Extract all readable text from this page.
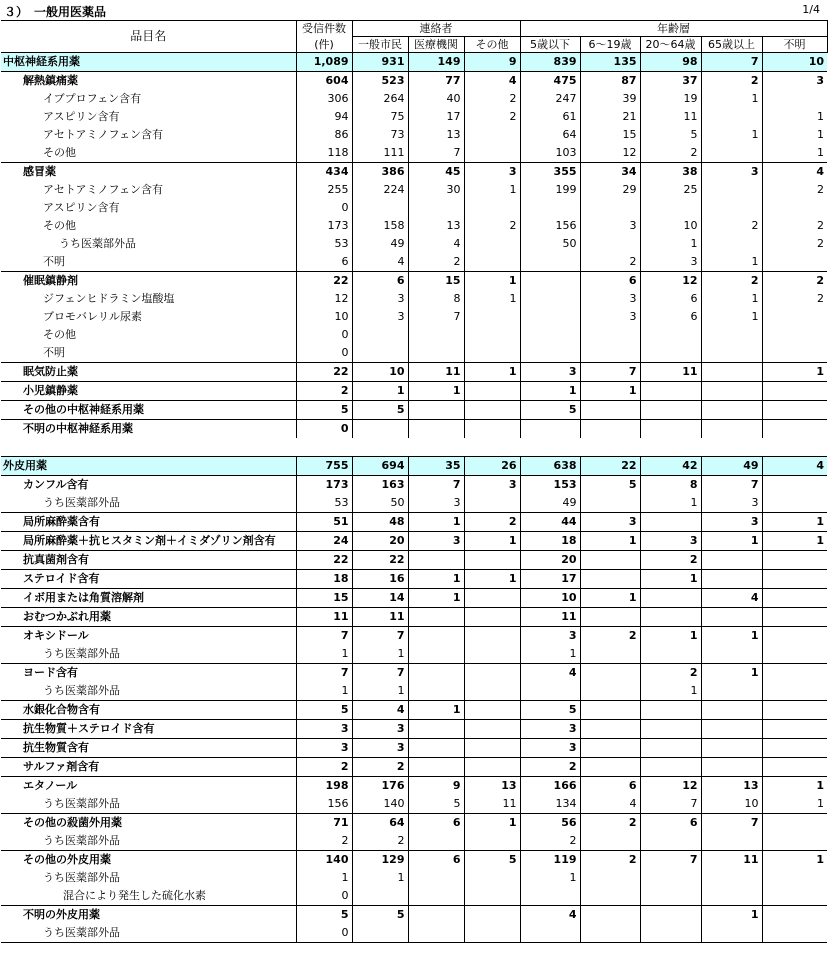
３）　一般用医薬品	1/4
品目名	受信件数	連絡者			年齢層				
	(件)	一般市民	医療機関	その他	5歳以下	6～19歳	20～64歳	65歳以上	不明
中枢神経系用薬	1,089	931	149	9	839	135	98	7	10
解熱鎮痛薬	604	523	77	4	475	87	37	2	3
イブプロフェン含有	306	264	40	2	247	39	19	1	
アスピリン含有	94	75	17	2	61	21	11		1
アセトアミノフェン含有	86	73	13		64	15	5	1	1
その他	118	111	7		103	12	2		1
感冒薬	434	386	45	3	355	34	38	3	4
アセトアミノフェン含有	255	224	30	1	199	29	25		2
アスピリン含有	0								
その他	173	158	13	2	156	3	10	2	2
うち医薬部外品	53	49	4		50		1		2
不明	6	4	2			2	3	1	
催眠鎮静剤	22	6	15	1		6	12	2	2
ジフェンヒドラミン塩酸塩	12	3	8	1		3	6	1	2
ブロモバレリル尿素	10	3	7			3	6	1	
その他	0								
不明	0								
眠気防止薬	22	10	11	1	3	7	11		1
小児鎮静薬	2	1	1		1	1			
その他の中枢神経系用薬	5	5			5				
不明の中枢神経系用薬	0								

外皮用薬	755	694	35	26	638	22	42	49	4
カンフル含有	173	163	7	3	153	5	8	7	
うち医薬部外品	53	50	3		49		1	3	
局所麻酔薬含有	51	48	1	2	44	3		3	1
局所麻酔薬＋抗ヒスタミン剤＋イミダゾリン剤含有	24	20	3	1	18	1	3	1	1
抗真菌剤含有	22	22			20		2		
ステロイド含有	18	16	1	1	17		1		
イボ用または角質溶解剤	15	14	1		10	1		4	
おむつかぶれ用薬	11	11			11				
オキシドール	7	7			3	2	1	1	
うち医薬部外品	1	1			1				
ヨード含有	7	7			4		2	1	
うち医薬部外品	1	1					1		
水銀化合物含有	5	4	1		5				
抗生物質＋ステロイド含有	3	3			3				
抗生物質含有	3	3			3				
サルファ剤含有	2	2			2				
エタノール	198	176	9	13	166	6	12	13	1
うち医薬部外品	156	140	5	11	134	4	7	10	1
その他の殺菌外用薬	71	64	6	1	56	2	6	7	
うち医薬部外品	2	2			2				
その他の外皮用薬	140	129	6	5	119	2	7	11	1
うち医薬部外品	1	1			1				
混合により発生した硫化水素	0								
不明の外皮用薬	5	5			4			1	
うち医薬部外品	0								
